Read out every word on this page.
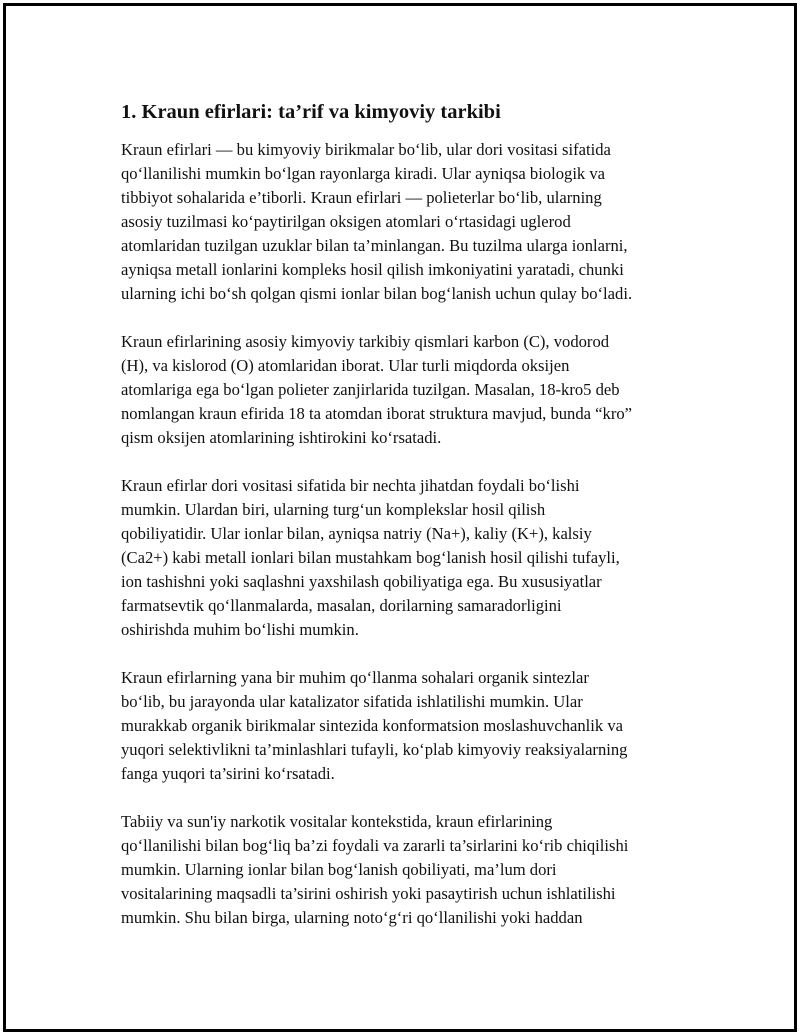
1. Kraun efirlari: ta’rif va kimyoviy tarkibi
Kraun efirlari — bu kimyoviy birikmalar bo‘lib, ular dori vositasi sifatida
qo‘llanilishi mumkin bo‘lgan rayonlarga kiradi. Ular ayniqsa biologik va
tibbiyot sohalarida e’tiborli. Kraun efirlari — polieterlar bo‘lib, ularning
asosiy tuzilmasi ko‘paytirilgan oksigen atomlari o‘rtasidagi uglerod
atomlaridan tuzilgan uzuklar bilan ta’minlangan. Bu tuzilma ularga ionlarni,
ayniqsa metall ionlarini kompleks hosil qilish imkoniyatini yaratadi, chunki
ularning ichi bo‘sh qolgan qismi ionlar bilan bog‘lanish uchun qulay bo‘ladi.
Kraun efirlarining asosiy kimyoviy tarkibiy qismlari karbon (C), vodorod
(H), va kislorod (O) atomlaridan iborat. Ular turli miqdorda oksijen
atomlariga ega bo‘lgan polieter zanjirlarida tuzilgan. Masalan, 18-kro5 deb
nomlangan kraun efirida 18 ta atomdan iborat struktura mavjud, bunda “kro”
qism oksijen atomlarining ishtirokini ko‘rsatadi.
Kraun efirlar dori vositasi sifatida bir nechta jihatdan foydali bo‘lishi
mumkin. Ulardan biri, ularning turg‘un komplekslar hosil qilish
qobiliyatidir. Ular ionlar bilan, ayniqsa natriy (Na+), kaliy (K+), kalsiy
(Ca2+) kabi metall ionlari bilan mustahkam bog‘lanish hosil qilishi tufayli,
ion tashishni yoki saqlashni yaxshilash qobiliyatiga ega. Bu xususiyatlar
farmatsevtik qo‘llanmalarda, masalan, dorilarning samaradorligini
oshirishda muhim bo‘lishi mumkin.
Kraun efirlarning yana bir muhim qo‘llanma sohalari organik sintezlar
bo‘lib, bu jarayonda ular katalizator sifatida ishlatilishi mumkin. Ular
murakkab organik birikmalar sintezida konformatsion moslashuvchanlik va
yuqori selektivlikni ta’minlashlari tufayli, ko‘plab kimyoviy reaksiyalarning
fanga yuqori ta’sirini ko‘rsatadi.
Tabiiy va sun'iy narkotik vositalar kontekstida, kraun efirlarining
qo‘llanilishi bilan bog‘liq ba’zi foydali va zararli ta’sirlarini ko‘rib chiqilishi
mumkin. Ularning ionlar bilan bog‘lanish qobiliyati, ma’lum dori
vositalarining maqsadli ta’sirini oshirish yoki pasaytirish uchun ishlatilishi
mumkin. Shu bilan birga, ularning noto‘g‘ri qo‘llanilishi yoki haddan
